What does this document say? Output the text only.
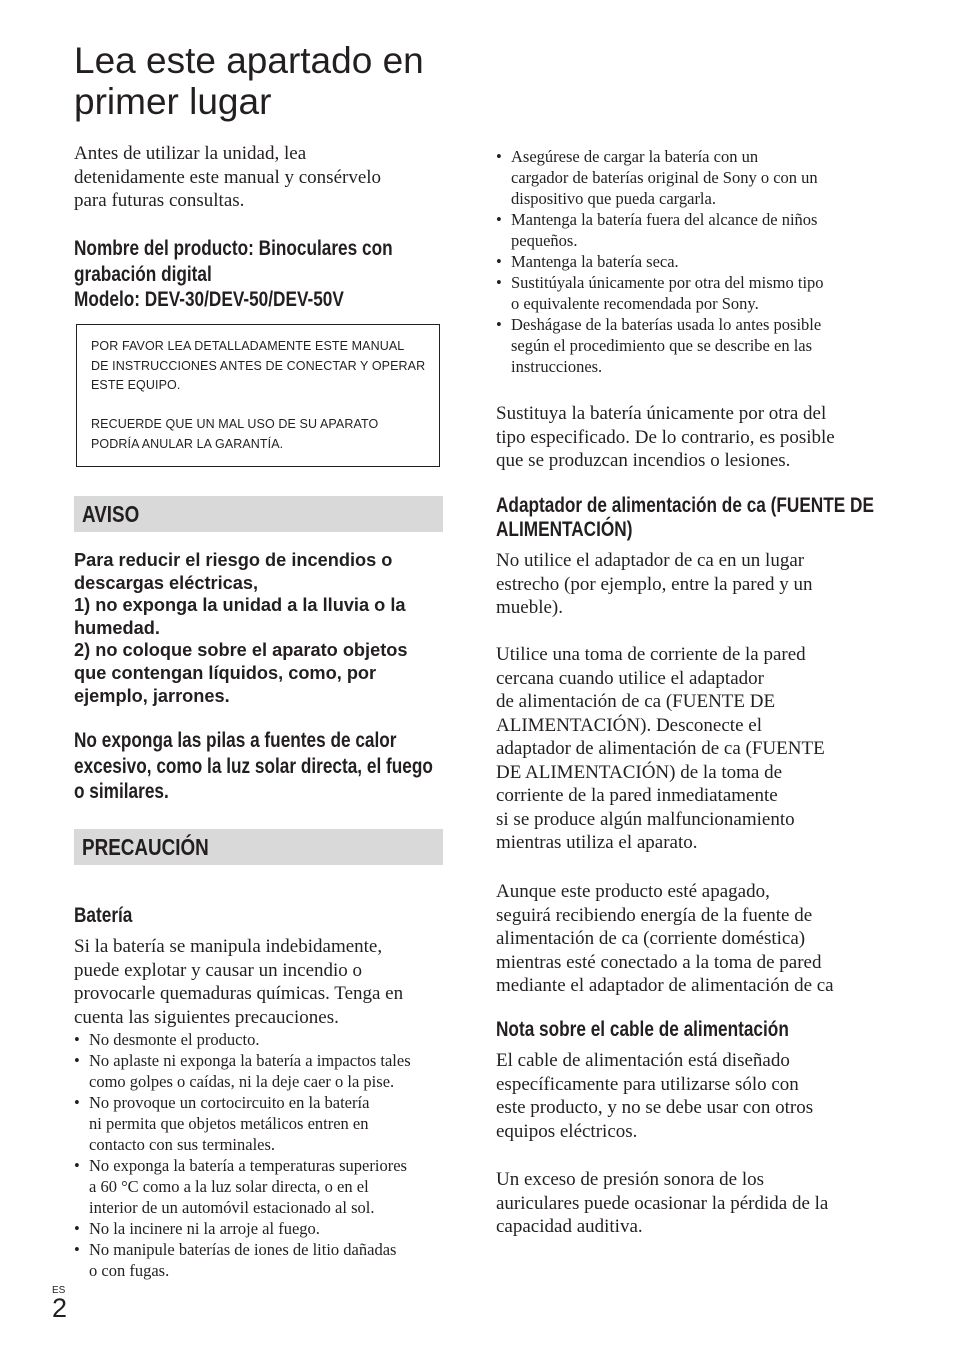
Lea este apartado en
primer lugar
Antes de utilizar la unidad, lea
detenidamente este manual y consérvelo
para futuras consultas.
Nombre del producto: Binoculares con
grabación digital
Modelo: DEV-30/DEV-50/DEV-50V
POR FAVOR LEA DETALLADAMENTE ESTE MANUAL
DE INSTRUCCIONES ANTES DE CONECTAR Y OPERAR
ESTE EQUIPO.
RECUERDE QUE UN MAL USO DE SU APARATO
PODRÍA ANULAR LA GARANTÍA.
AVISO
Para reducir el riesgo de incendios o
descargas eléctricas,
1) no exponga la unidad a la lluvia o la
humedad.
2) no coloque sobre el aparato objetos
que contengan líquidos, como, por
ejemplo, jarrones.
No exponga las pilas a fuentes de calor
excesivo, como la luz solar directa, el fuego
o similares.
PRECAUCIÓN
Batería
Si la batería se manipula indebidamente,
puede explotar y causar un incendio o
provocarle quemaduras químicas. Tenga en
cuenta las siguientes precauciones.
• No desmonte el producto.
• No aplaste ni exponga la batería a impactos tales
como golpes o caídas, ni la deje caer o la pise.
• No provoque un cortocircuito en la batería
ni permita que objetos metálicos entren en
contacto con sus terminales.
• No exponga la batería a temperaturas superiores
a 60 °C como a la luz solar directa, o en el
interior de un automóvil estacionado al sol.
• No la incinere ni la arroje al fuego.
• No manipule baterías de iones de litio dañadas
o con fugas.
• Asegúrese de cargar la batería con un
cargador de baterías original de Sony o con un
dispositivo que pueda cargarla.
• Mantenga la batería fuera del alcance de niños
pequeños.
• Mantenga la batería seca.
• Sustitúyala únicamente por otra del mismo tipo
o equivalente recomendada por Sony.
• Deshágase de la baterías usada lo antes posible
según el procedimiento que se describe en las
instrucciones.
Sustituya la batería únicamente por otra del
tipo especificado. De lo contrario, es posible
que se produzcan incendios o lesiones.
Adaptador de alimentación de ca (FUENTE DE
ALIMENTACIÓN)
No utilice el adaptador de ca en un lugar
estrecho (por ejemplo, entre la pared y un
mueble).
Utilice una toma de corriente de la pared
cercana cuando utilice el adaptador
de alimentación de ca (FUENTE DE
ALIMENTACIÓN). Desconecte el
adaptador de alimentación de ca (FUENTE
DE ALIMENTACIÓN) de la toma de
corriente de la pared inmediatamente
si se produce algún malfuncionamiento
mientras utiliza el aparato.
Aunque este producto esté apagado,
seguirá recibiendo energía de la fuente de
alimentación de ca (corriente doméstica)
mientras esté conectado a la toma de pared
mediante el adaptador de alimentación de ca
Nota sobre el cable de alimentación
El cable de alimentación está diseñado
específicamente para utilizarse sólo con
este producto, y no se debe usar con otros
equipos eléctricos.
Un exceso de presión sonora de los
auriculares puede ocasionar la pérdida de la
capacidad auditiva.
ES
2
